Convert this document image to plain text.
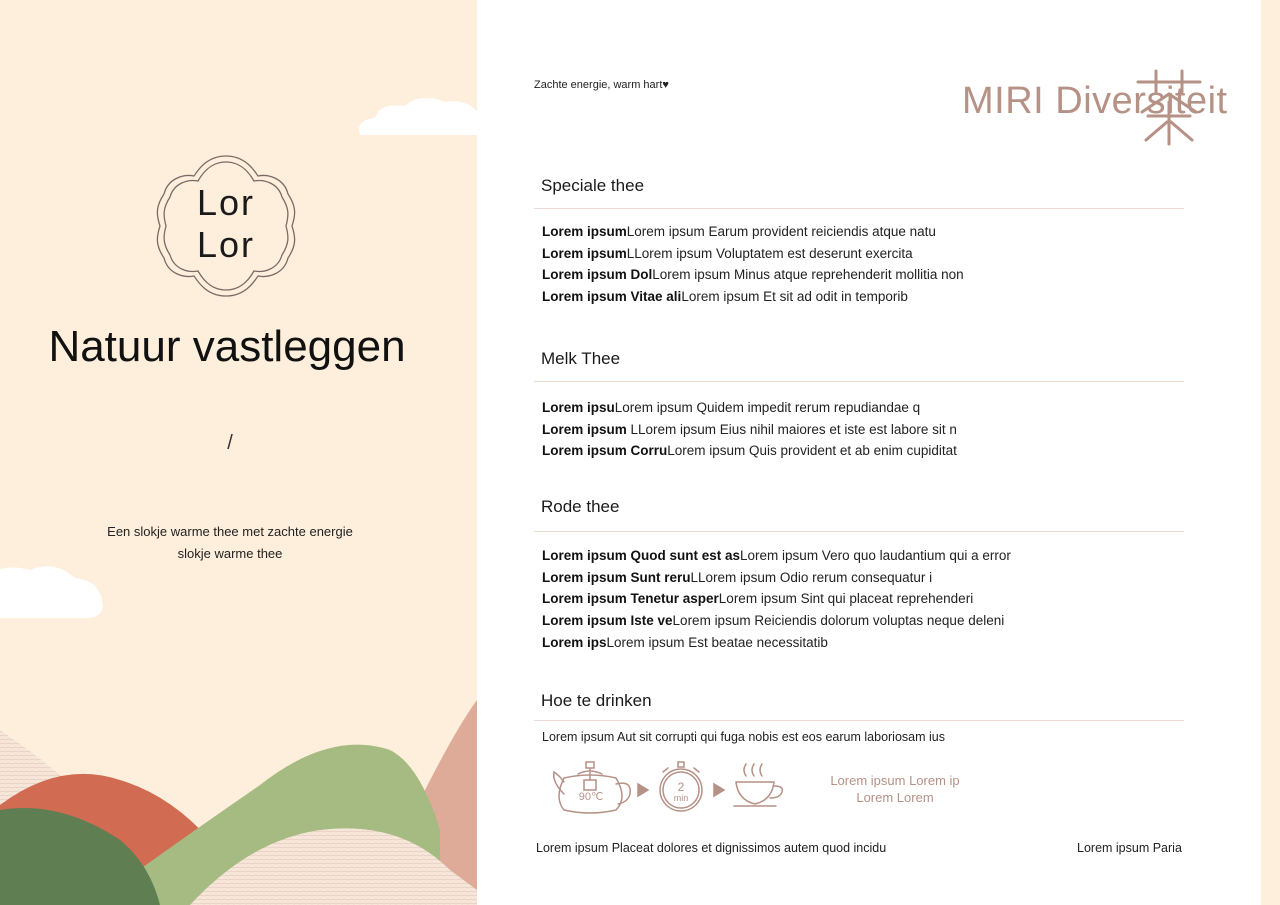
Lor
Lor
Natuur vastleggen
/
Een slokje warme thee met zachte energie
slokje warme thee
Zachte energie, warm hart♥	MIRI Diversiteit
Speciale thee
Lorem ipsumLorem ipsum Earum provident reiciendis atque natu
Lorem ipsumLLorem ipsum Voluptatem est deserunt exercita
Lorem ipsum DolLorem ipsum Minus atque reprehenderit mollitia non
Lorem ipsum Vitae aliLorem ipsum Et sit ad odit in temporib
Melk Thee
Lorem ipsuLorem ipsum Quidem impedit rerum repudiandae q
Lorem ipsum LLorem ipsum Eius nihil maiores et iste est labore sit n
Lorem ipsum CorruLorem ipsum Quis provident et ab enim cupiditat
Rode thee
Lorem ipsum Quod sunt est asLorem ipsum Vero quo laudantium qui a error
Lorem ipsum Sunt reruLLorem ipsum Odio rerum consequatur i
Lorem ipsum Tenetur asperLorem ipsum Sint qui placeat reprehenderi
Lorem ipsum Iste veLorem ipsum Reiciendis dolorum voluptas neque deleni
Lorem ipsLorem ipsum Est beatae necessitatib
Hoe te drinken
Lorem ipsum Aut sit corrupti qui fuga nobis est eos earum laboriosam ius
90℃
2
min
Lorem ipsum Lorem ip
Lorem Lorem
Lorem ipsum Placeat dolores et dignissimos autem quod incidu	Lorem ipsum Paria
